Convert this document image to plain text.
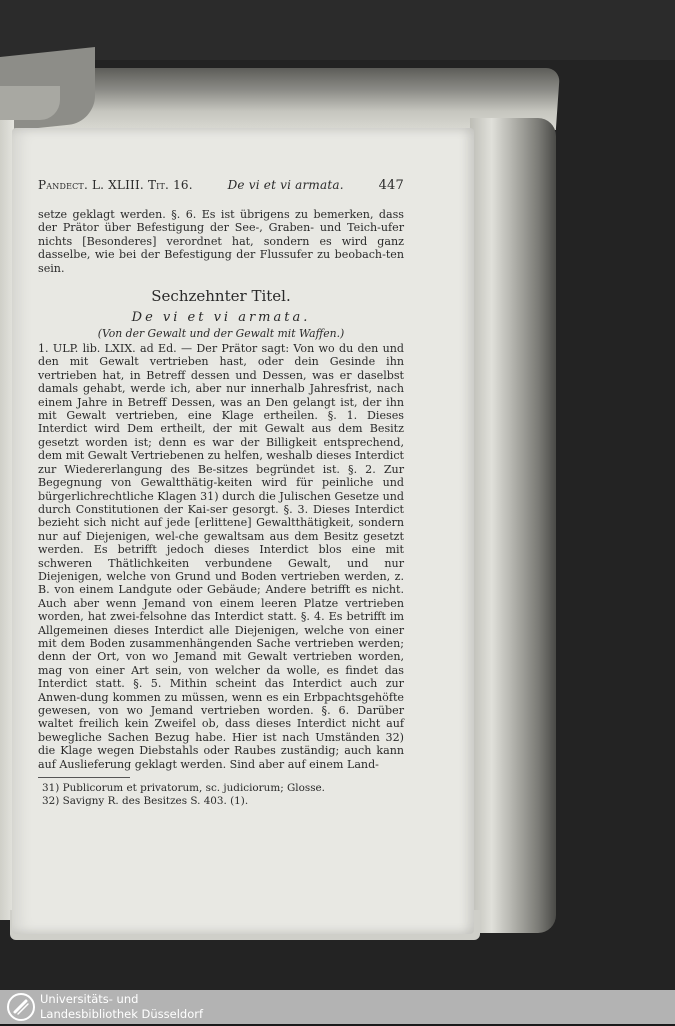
Pandect. L. XLIII. Tit. 16.	De vi et vi armata.	447

setze geklagt werden. §. 6. Es ist übrigens zu bemerken, dass der Prätor über Befestigung der See-, Graben- und Teich-ufer nichts [Besonderes] verordnet hat, sondern es wird ganz dasselbe, wie bei der Befestigung der Flussufer zu beobach-ten sein.

Sechzehnter Titel.
De vi et vi armata.
(Von der Gewalt und der Gewalt mit Waffen.)

1. ULP. lib. LXIX. ad Ed. — Der Prätor sagt: Von wo du den und den mit Gewalt vertrieben hast, oder dein Gesinde ihn vertrieben hat, in Betreff dessen und Dessen, was er daselbst damals gehabt, werde ich, aber nur innerhalb Jahresfrist, nach einem Jahre in Betreff Dessen, was an Den gelangt ist, der ihn mit Gewalt vertrieben, eine Klage ertheilen. §. 1. Dieses Interdict wird Dem ertheilt, der mit Gewalt aus dem Besitz gesetzt worden ist; denn es war der Billigkeit entsprechend, dem mit Gewalt Vertriebenen zu helfen, weshalb dieses Interdict zur Wiedererlangung des Be-sitzes begründet ist. §. 2. Zur Begegnung von Gewaltthätig-keiten wird für peinliche und bürgerlichrechtliche Klagen 31) durch die Julischen Gesetze und durch Constitutionen der Kai-ser gesorgt. §. 3. Dieses Interdict bezieht sich nicht auf jede [erlittene] Gewaltthätigkeit, sondern nur auf Diejenigen, wel-che gewaltsam aus dem Besitz gesetzt werden. Es betrifft jedoch dieses Interdict blos eine mit schweren Thätlichkeiten verbundene Gewalt, und nur Diejenigen, welche von Grund und Boden vertrieben werden, z. B. von einem Landgute oder Gebäude; Andere betrifft es nicht. Auch aber wenn Jemand von einem leeren Platze vertrieben worden, hat zwei-felsohne das Interdict statt. §. 4. Es betrifft im Allgemeinen dieses Interdict alle Diejenigen, welche von einer mit dem Boden zusammenhängenden Sache vertrieben werden; denn der Ort, von wo Jemand mit Gewalt vertrieben worden, mag von einer Art sein, von welcher da wolle, es findet das Interdict statt. §. 5. Mithin scheint das Interdict auch zur Anwen-dung kommen zu müssen, wenn es ein Erbpachtsgehöfte gewesen, von wo Jemand vertrieben worden. §. 6. Darüber waltet freilich kein Zweifel ob, dass dieses Interdict nicht auf bewegliche Sachen Bezug habe. Hier ist nach Umständen 32) die Klage wegen Diebstahls oder Raubes zuständig; auch kann auf Auslieferung geklagt werden. Sind aber auf einem Land-

31) Publicorum et privatorum, sc. judiciorum; Glosse.

32) Savigny R. des Besitzes S. 403. (1).

Universitäts- und
Landesbibliothek Düsseldorf
